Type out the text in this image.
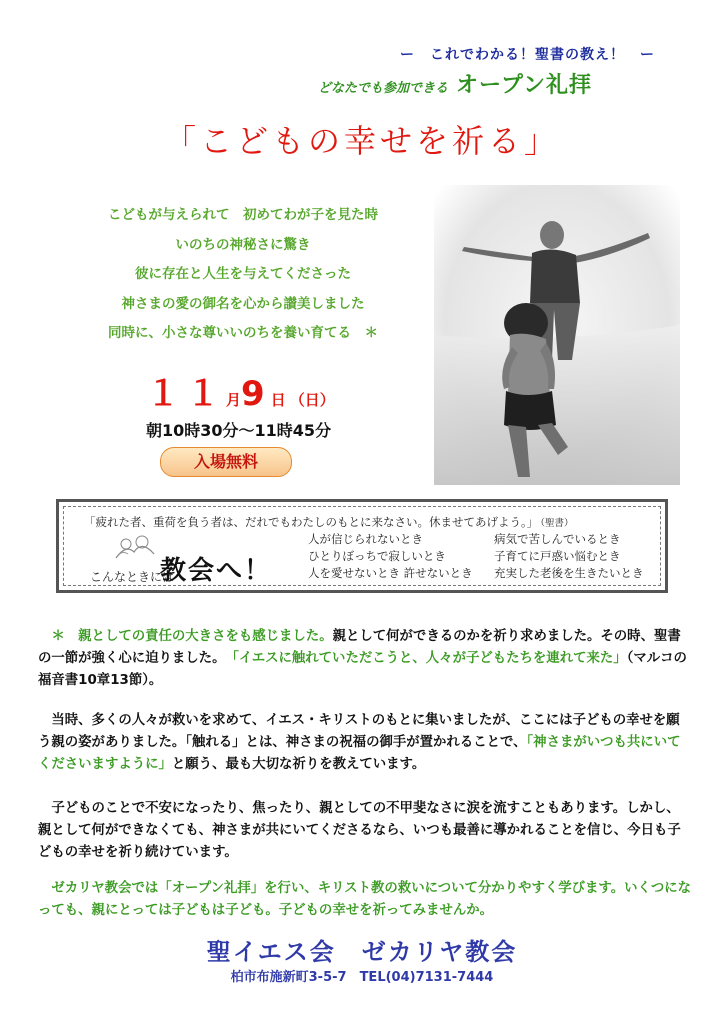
ー　これでわかる！聖書の教え！　ー
どなたでも参加できる オープン礼拝
「こどもの幸せを祈る」
こどもが与えられて　初めてわが子を見た時
いのちの神秘さに驚き
彼に存在と人生を与えてくださった
神さまの愛の御名を心から讃美しました
同時に、小さな尊いいのちを養い育てる　＊
１１月9日 （日）
朝10時30分～11時45分
入場無料
「疲れた者、重荷を負う者は、だれでもわたしのもとに来なさい。休ませてあげよう。」 （聖書）
こんなときには
教会へ！
人が信じられないとき
ひとりぼっちで寂しいとき
人を愛せないとき 許せないとき
病気で苦しんでいるとき
子育てに戸惑い悩むとき
充実した老後を生きたいとき

　＊　親としての責任の大きさをも感じました。親として何ができるのかを祈り求めました。その時、聖書の一節が強く心に迫りました。　「イエスに触れていただこうと、人々が子どもたちを連れて来た」（マルコの福音書10章13節）。

　当時、多くの人々が救いを求めて、イエス・キリストのもとに集いましたが、ここには子どもの幸せを願う親の姿がありました。「触れる」とは、神さまの祝福の御手が置かれることで、「神さまがいつも共にいてくださいますように」と願う、最も大切な祈りを教えています。

　子どものことで不安になったり、焦ったり、親としての不甲斐なさに涙を流すこともあります。しかし、親として何ができなくても、神さまが共にいてくださるなら、いつも最善に導かれることを信じ、今日も子どもの幸せを祈り続けています。

　ゼカリヤ教会では「オープン礼拝」を行い、キリスト教の救いについて分かりやすく学びます。いくつになっても、親にとっては子どもは子ども。子どもの幸せを祈ってみませんか。

聖イエス会　ゼカリヤ教会
柏市布施新町3-5-7　TEL(04)7131-7444
